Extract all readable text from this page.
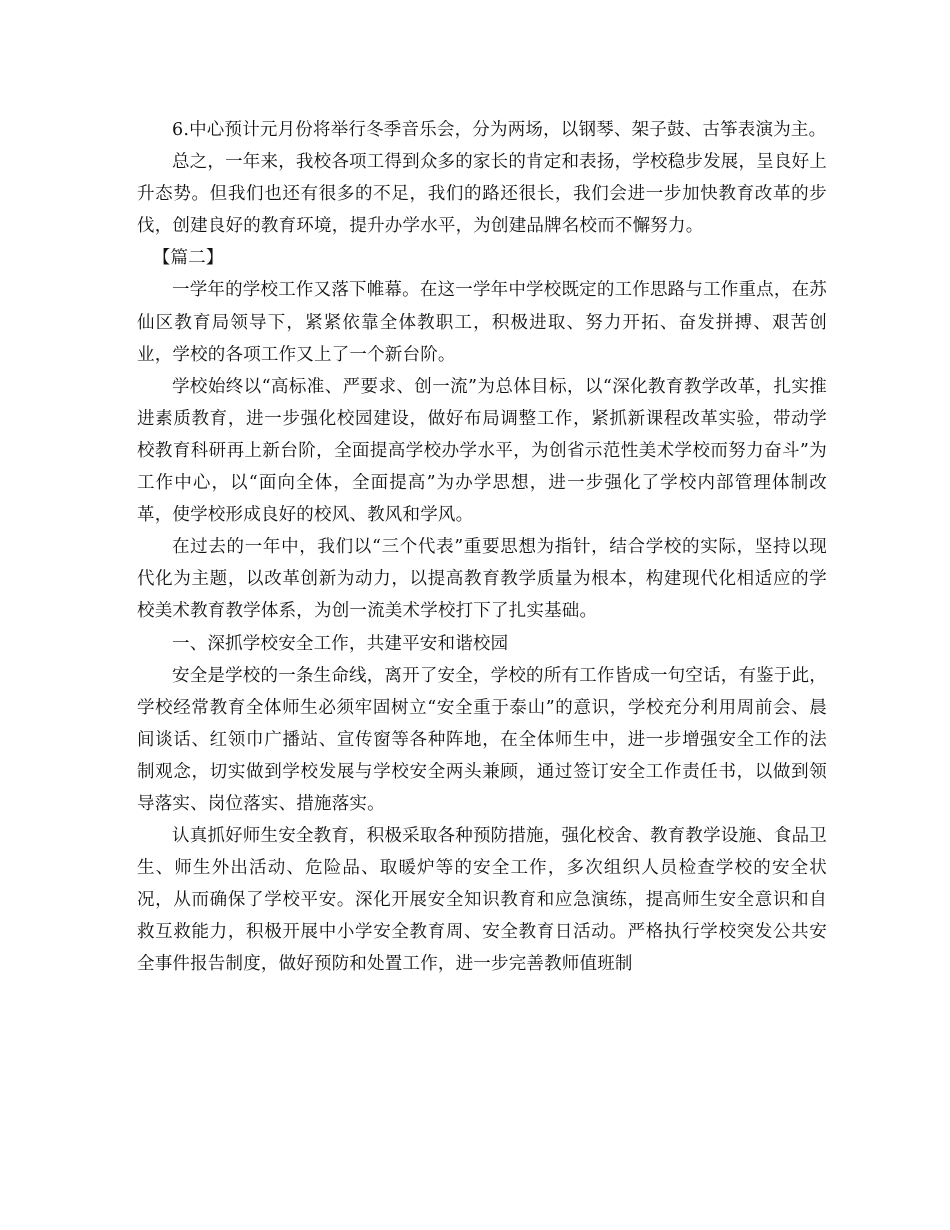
6.中心预计元月份将举行冬季音乐会，分为两场，以钢琴、架子鼓、古筝表演为主。

总之，一年来，我校各项工得到众多的家长的肯定和表扬，学校稳步发展，呈良好上升态势。但我们也还有很多的不足，我们的路还很长，我们会进一步加快教育改革的步伐，创建良好的教育环境，提升办学水平，为创建品牌名校而不懈努力。

【篇二】

一学年的学校工作又落下帷幕。在这一学年中学校既定的工作思路与工作重点，在苏仙区教育局领导下，紧紧依靠全体教职工，积极进取、努力开拓、奋发拼搏、艰苦创业，学校的各项工作又上了一个新台阶。

学校始终以“高标准、严要求、创一流”为总体目标，以“深化教育教学改革，扎实推进素质教育，进一步强化校园建设，做好布局调整工作，紧抓新课程改革实验，带动学校教育科研再上新台阶，全面提高学校办学水平，为创省示范性美术学校而努力奋斗”为工作中心，以“面向全体，全面提高”为办学思想，进一步强化了学校内部管理体制改革，使学校形成良好的校风、教风和学风。

在过去的一年中，我们以“三个代表”重要思想为指针，结合学校的实际，坚持以现代化为主题，以改革创新为动力，以提高教育教学质量为根本，构建现代化相适应的学校美术教育教学体系，为创一流美术学校打下了扎实基础。

一、深抓学校安全工作，共建平安和谐校园

安全是学校的一条生命线，离开了安全，学校的所有工作皆成一句空话，有鉴于此，学校经常教育全体师生必须牢固树立“安全重于泰山”的意识，学校充分利用周前会、晨间谈话、红领巾广播站、宣传窗等各种阵地，在全体师生中，进一步增强安全工作的法制观念，切实做到学校发展与学校安全两头兼顾，通过签订安全工作责任书，以做到领导落实、岗位落实、措施落实。

认真抓好师生安全教育，积极采取各种预防措施，强化校舍、教育教学设施、食品卫生、师生外出活动、危险品、取暖炉等的安全工作，多次组织人员检查学校的安全状况，从而确保了学校平安。深化开展安全知识教育和应急演练，提高师生安全意识和自救互救能力，积极开展中小学安全教育周、安全教育日活动。严格执行学校突发公共安全事件报告制度，做好预防和处置工作，进一步完善教师值班制
